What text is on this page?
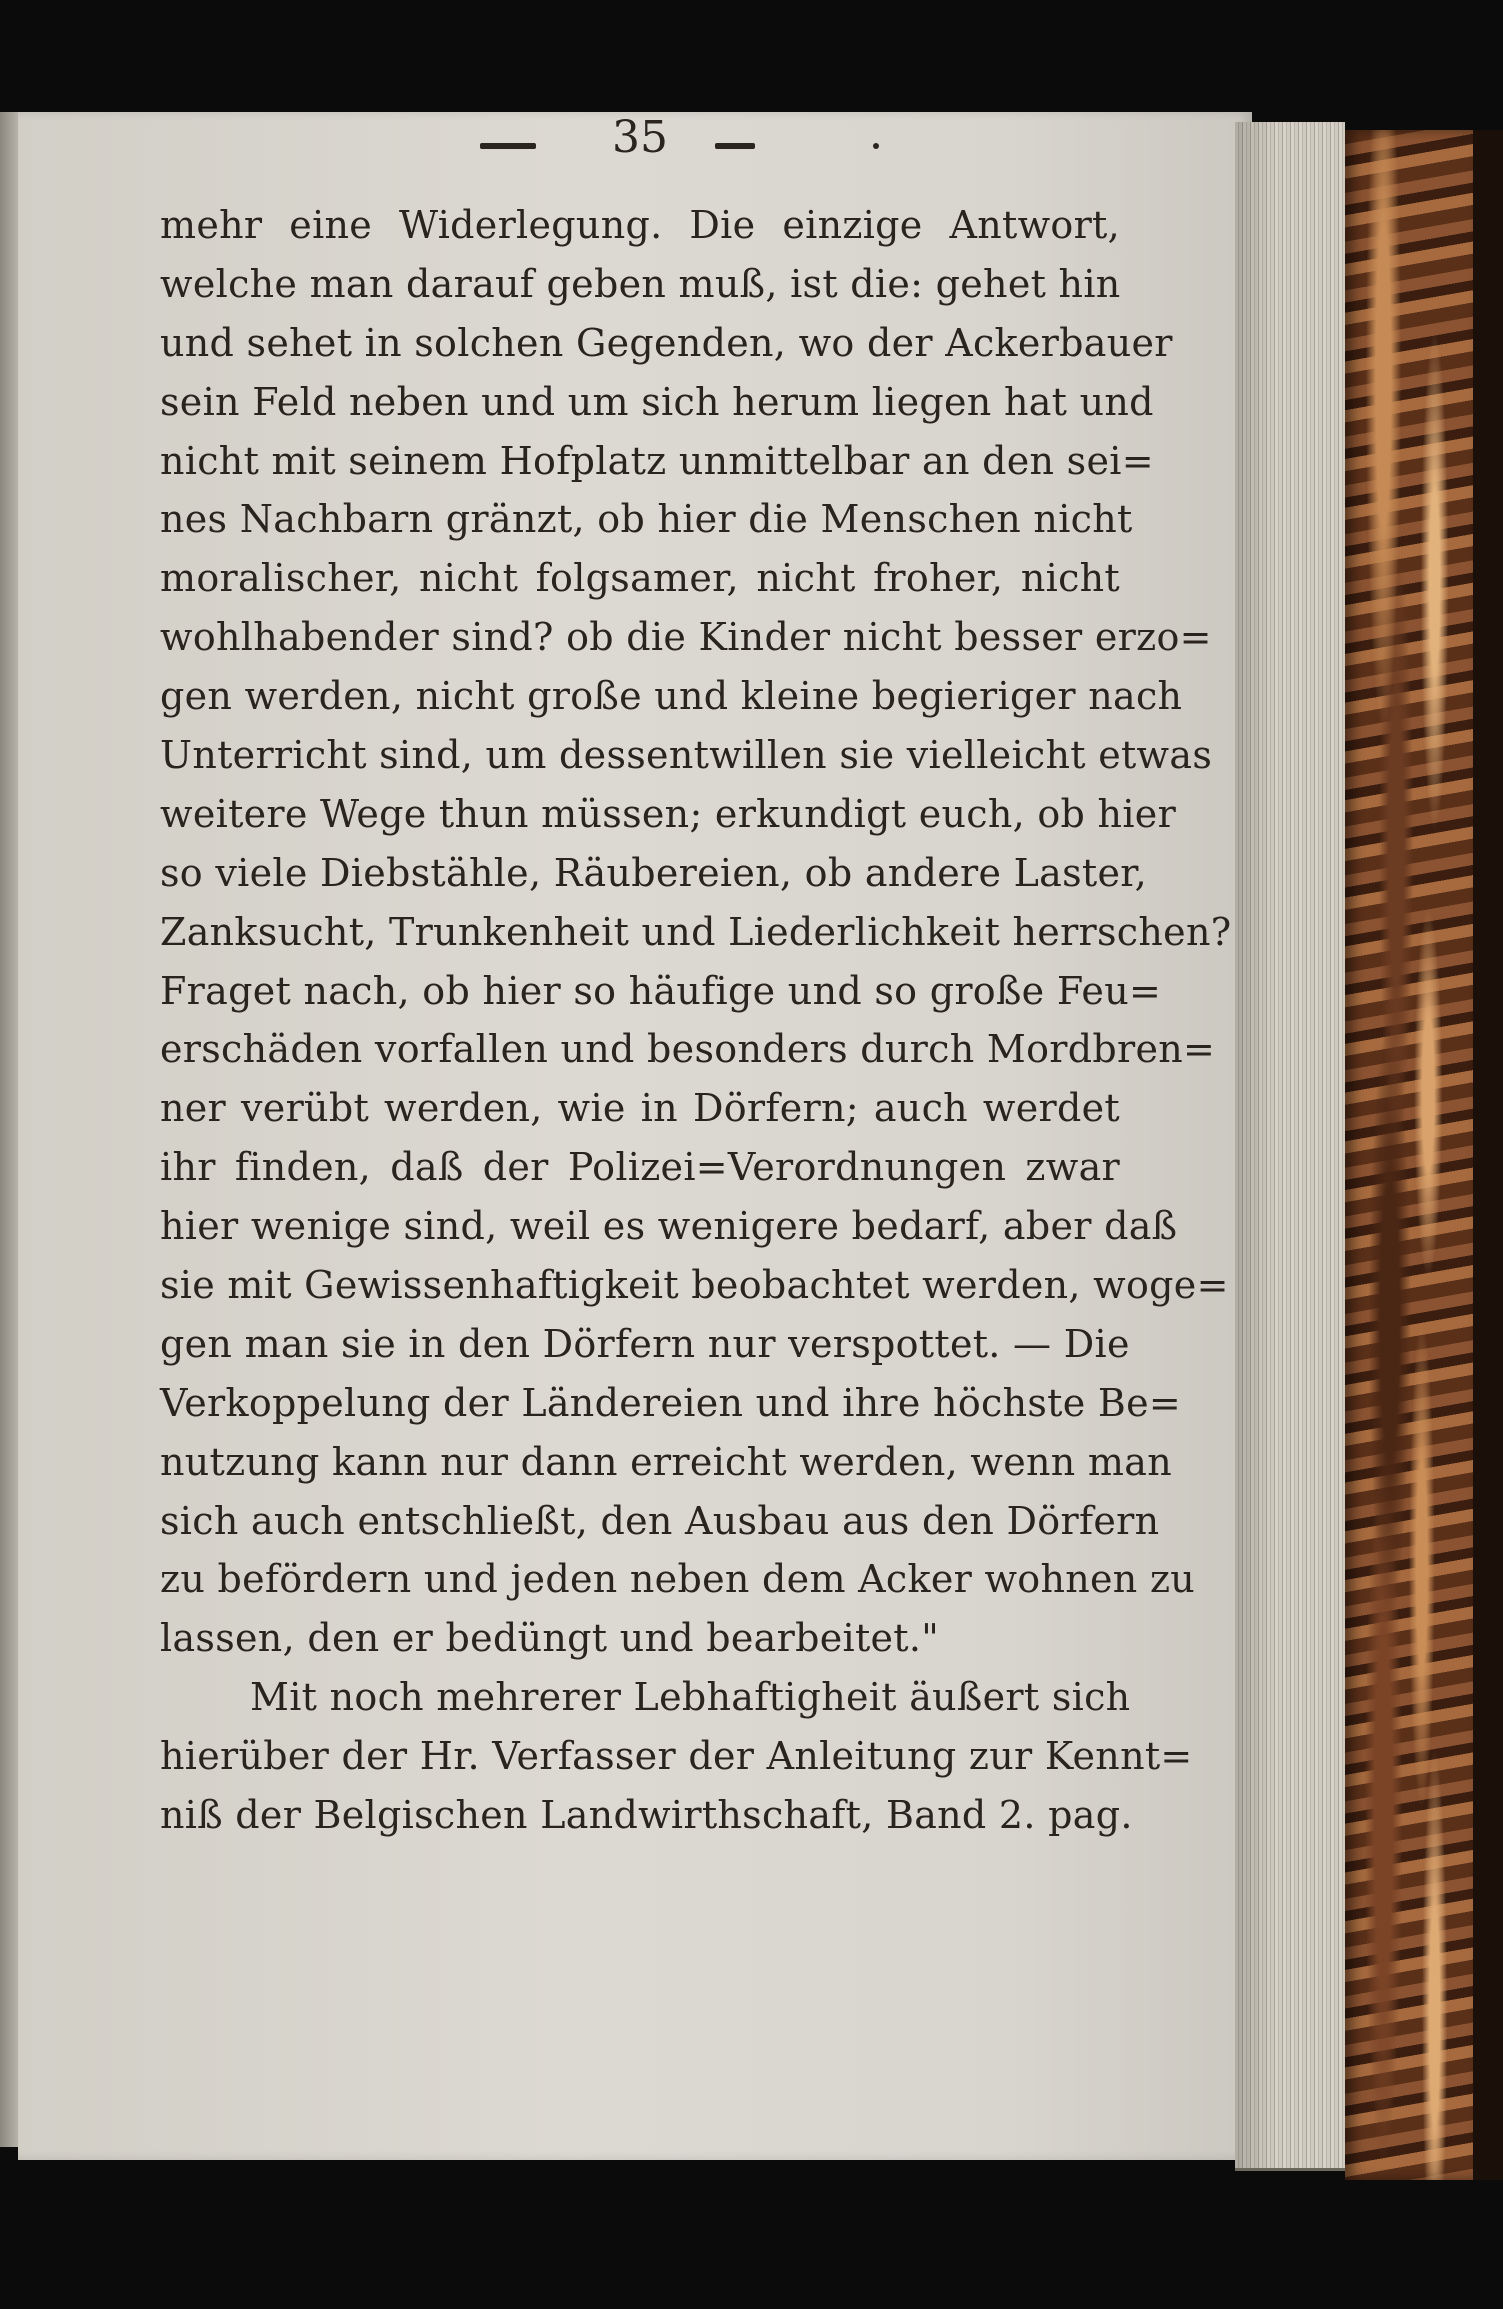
35
mehr eine Widerlegung. Die einzige Antwort,
welche man darauf geben muß, ist die: gehet hin
und sehet in solchen Gegenden, wo der Ackerbauer
sein Feld neben und um sich herum liegen hat und
nicht mit seinem Hofplatz unmittelbar an den sei=
nes Nachbarn gränzt, ob hier die Menschen nicht
moralischer, nicht folgsamer, nicht froher, nicht
wohlhabender sind? ob die Kinder nicht besser erzo=
gen werden, nicht große und kleine begieriger nach
Unterricht sind, um dessentwillen sie vielleicht etwas
weitere Wege thun müssen; erkundigt euch, ob hier
so viele Diebstähle, Räubereien, ob andere Laster,
Zanksucht, Trunkenheit und Liederlichkeit herrschen?
Fraget nach, ob hier so häufige und so große Feu=
erschäden vorfallen und besonders durch Mordbren=
ner verübt werden, wie in Dörfern; auch werdet
ihr finden, daß der Polizei=Verordnungen zwar
hier wenige sind, weil es wenigere bedarf, aber daß
sie mit Gewissenhaftigkeit beobachtet werden, woge=
gen man sie in den Dörfern nur verspottet. — Die
Verkoppelung der Ländereien und ihre höchste Be=
nutzung kann nur dann erreicht werden, wenn man
sich auch entschließt, den Ausbau aus den Dörfern
zu befördern und jeden neben dem Acker wohnen zu
lassen, den er bedüngt und bearbeitet."
Mit noch mehrerer Lebhaftigheit äußert sich
hierüber der Hr. Verfasser der Anleitung zur Kennt=
niß der Belgischen Landwirthschaft, Band 2. pag.
